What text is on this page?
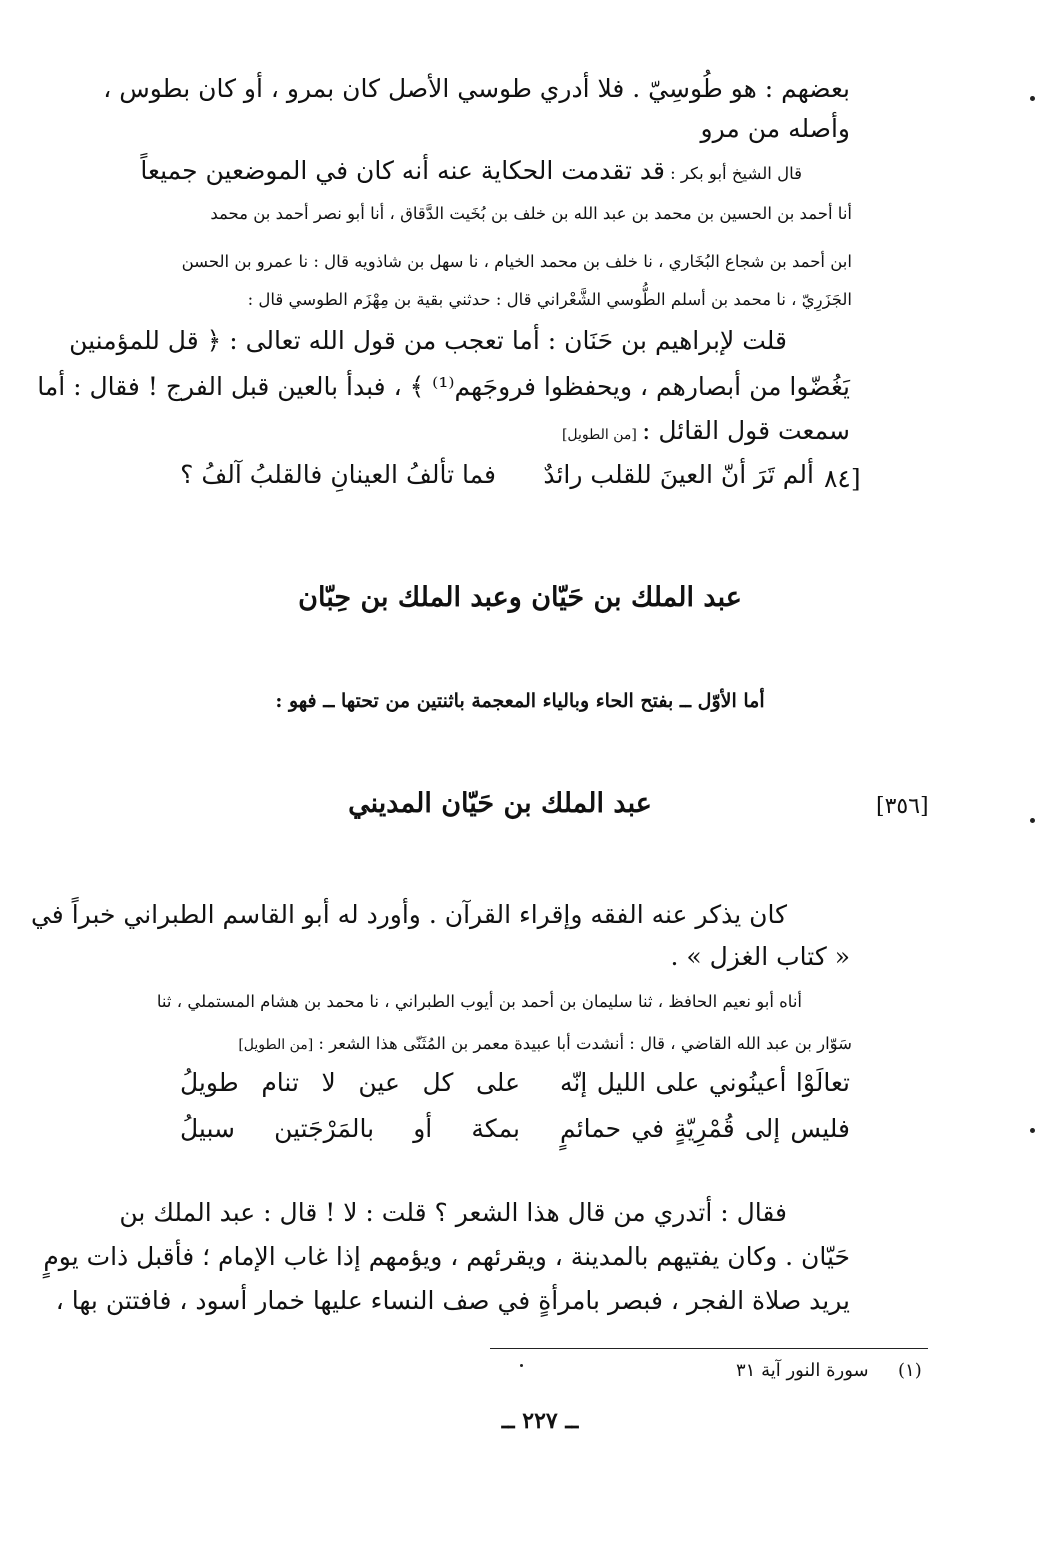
بعضهم : هو طُوسِيّ . فلا أدري طوسي الأصل كان بمرو ، أو كان بطوس ،
وأصله من مرو
قال الشيخ أبو بكر : قد تقدمت الحكاية عنه أنه كان في الموضعين جميعاً
أنا أحمد بن الحسين بن محمد بن عبد الله بن خلف بن بُخَيت الدَّقاق ، أنا أبو نصر أحمد بن محمد
ابن أحمد بن شجاع البُخَاري ، نا خلف بن محمد الخيام ، نا سهل بن شاذويه قال : نا عمرو بن الحسن
الجَزَرِيّ ، نا محمد بن أسلم الطُّوسي الشَّعْراني قال : حدثني بقية بن مِهْزَم الطوسي قال :
قلت لإبراهيم بن حَنَان : أما تعجب من قول الله تعالى : ﴿ قل للمؤمنين
يَغُضّوا من أبصارهم ، ويحفظوا فروجَهم⁽¹⁾ ﴾ ، فبدأ بالعين قبل الفرج ! فقال : أما
سمعت قول القائل : [من الطويل]
[٨٤
ألم تَرَ أنّ العينَ للقلب رائدٌ
فما تألفُ العينانِ فالقلبُ آلفُ ؟
عبد الملك بن حَيّان وعبد الملك بن حِبّان
أما الأوّل ــ بفتح الحاء وبالياء المعجمة باثنتين من تحتها ــ فهو :
[٣٥٦]
عبد الملك بن حَيّان المديني
كان يذكر عنه الفقه وإقراء القرآن . وأورد له أبو القاسم الطبراني خبراً في
« كتاب الغزل » .
أناه أبو نعيم الحافظ ، ثنا سليمان بن أحمد بن أيوب الطبراني ، نا محمد بن هشام المستملي ، ثنا
سَوّار بن عبد الله القاضي ، قال : أنشدت أبا عبيدة معمر بن المُثَنّى هذا الشعر : [من الطويل]
تعالَوْا أعينُوني على الليل إنّه
على كل عين لا تنام طويلُ
فليس إلى قُمْرِيّةٍ في حمائمٍ
بمكة أو بالمَرْجَتين سبيلُ
فقال : أتدري من قال هذا الشعر ؟ قلت : لا ! قال : عبد الملك بن
حَيّان . وكان يفتيهم بالمدينة ، ويقرئهم ، ويؤمهم إذا غاب الإمام ؛ فأقبل ذات يومٍ
يريد صلاة الفجر ، فبصر بامرأةٍ في صف النساء عليها خمار أسود ، فافتتن بها ،
(١)
سورة النور آية ٣١
ــ ٢٢٧ ــ
